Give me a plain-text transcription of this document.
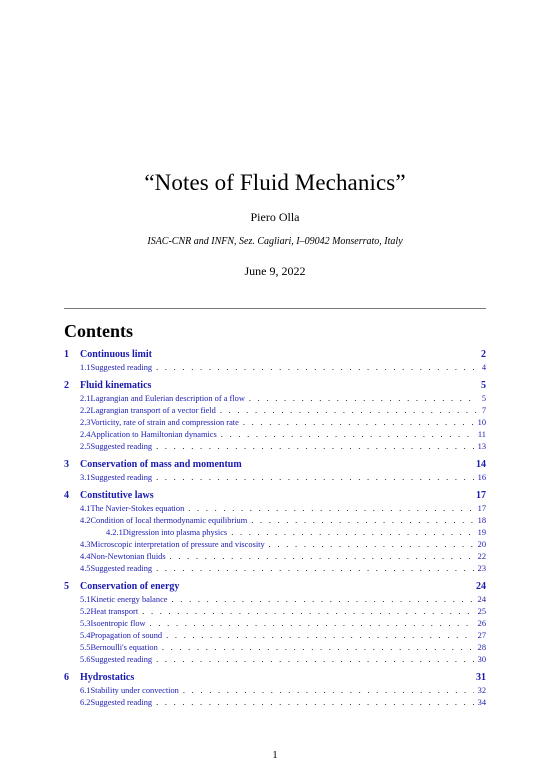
“Notes of Fluid Mechanics”
Piero Olla
ISAC-CNR and INFN, Sez. Cagliari, I–09042 Monserrato, Italy
June 9, 2022
Contents
1	Continuous limit	2
1.1 Suggested reading . . .	4
2	Fluid kinematics	5
2.1 Lagrangian and Eulerian description of a flow . . .	5
2.2 Lagrangian transport of a vector field . . .	7
2.3 Vorticity, rate of strain and compression rate . . .	10
2.4 Application to Hamiltonian dynamics . . .	11
2.5 Suggested reading . . .	13
3	Conservation of mass and momentum	14
3.1 Suggested reading . . .	16
4	Constitutive laws	17
4.1 The Navier-Stokes equation . . .	17
4.2 Condition of local thermodynamic equilibrium . . .	18
4.2.1 Digression into plasma physics . . .	19
4.3 Microscopic interpretation of pressure and viscosity . . .	20
4.4 Non-Newtonian fluids . . .	22
4.5 Suggested reading . . .	23
5	Conservation of energy	24
5.1 Kinetic energy balance . . .	24
5.2 Heat transport . . .	25
5.3 Isoentropic flow . . .	26
5.4 Propagation of sound . . .	27
5.5 Bernoulli's equation . . .	28
5.6 Suggested reading . . .	30
6	Hydrostatics	31
6.1 Stability under convection . . .	32
6.2 Suggested reading . . .	34
1
